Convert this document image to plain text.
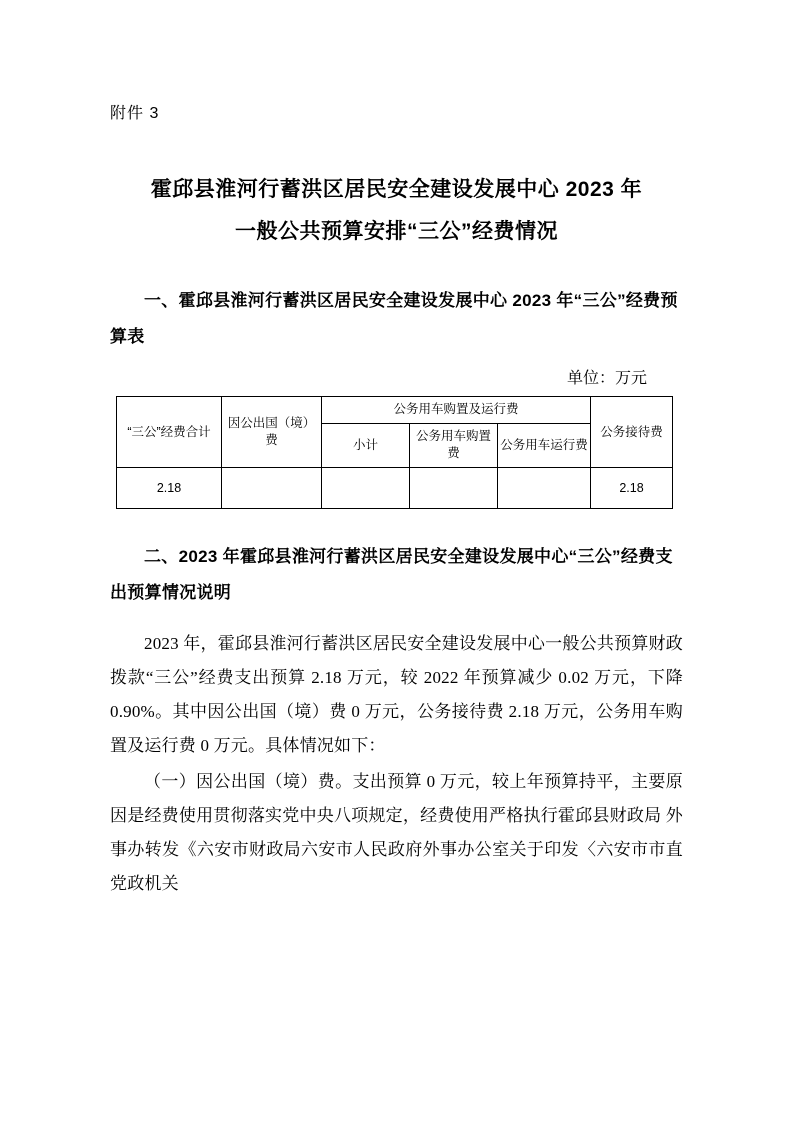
附件 3
霍邱县淮河行蓄洪区居民安全建设发展中心 2023 年
一般公共预算安排“三公”经费情况
一、霍邱县淮河行蓄洪区居民安全建设发展中心 2023 年“三公”经费预算表
单位：万元
“三公”经费合计	因公出国（境）费	公务用车购置及运行费			公务接待费
		小计	公务用车购置费	公务用车运行费	
2.18					2.18
二、2023 年霍邱县淮河行蓄洪区居民安全建设发展中心“三公”经费支出预算情况说明

2023 年，霍邱县淮河行蓄洪区居民安全建设发展中心一般公共预算财政拨款“三公”经费支出预算 2.18 万元，较 2022 年预算减少 0.02 万元，下降 0.90%。其中因公出国（境）费 0 万元，公务接待费 2.18 万元，公务用车购置及运行费 0 万元。具体情况如下：

（一）因公出国（境）费。支出预算 0 万元，较上年预算持平，主要原因是经费使用贯彻落实党中央八项规定，经费使用严格执行霍邱县财政局 外事办转发《六安市财政局六安市人民政府外事办公室关于印发〈六安市市直党政机关
